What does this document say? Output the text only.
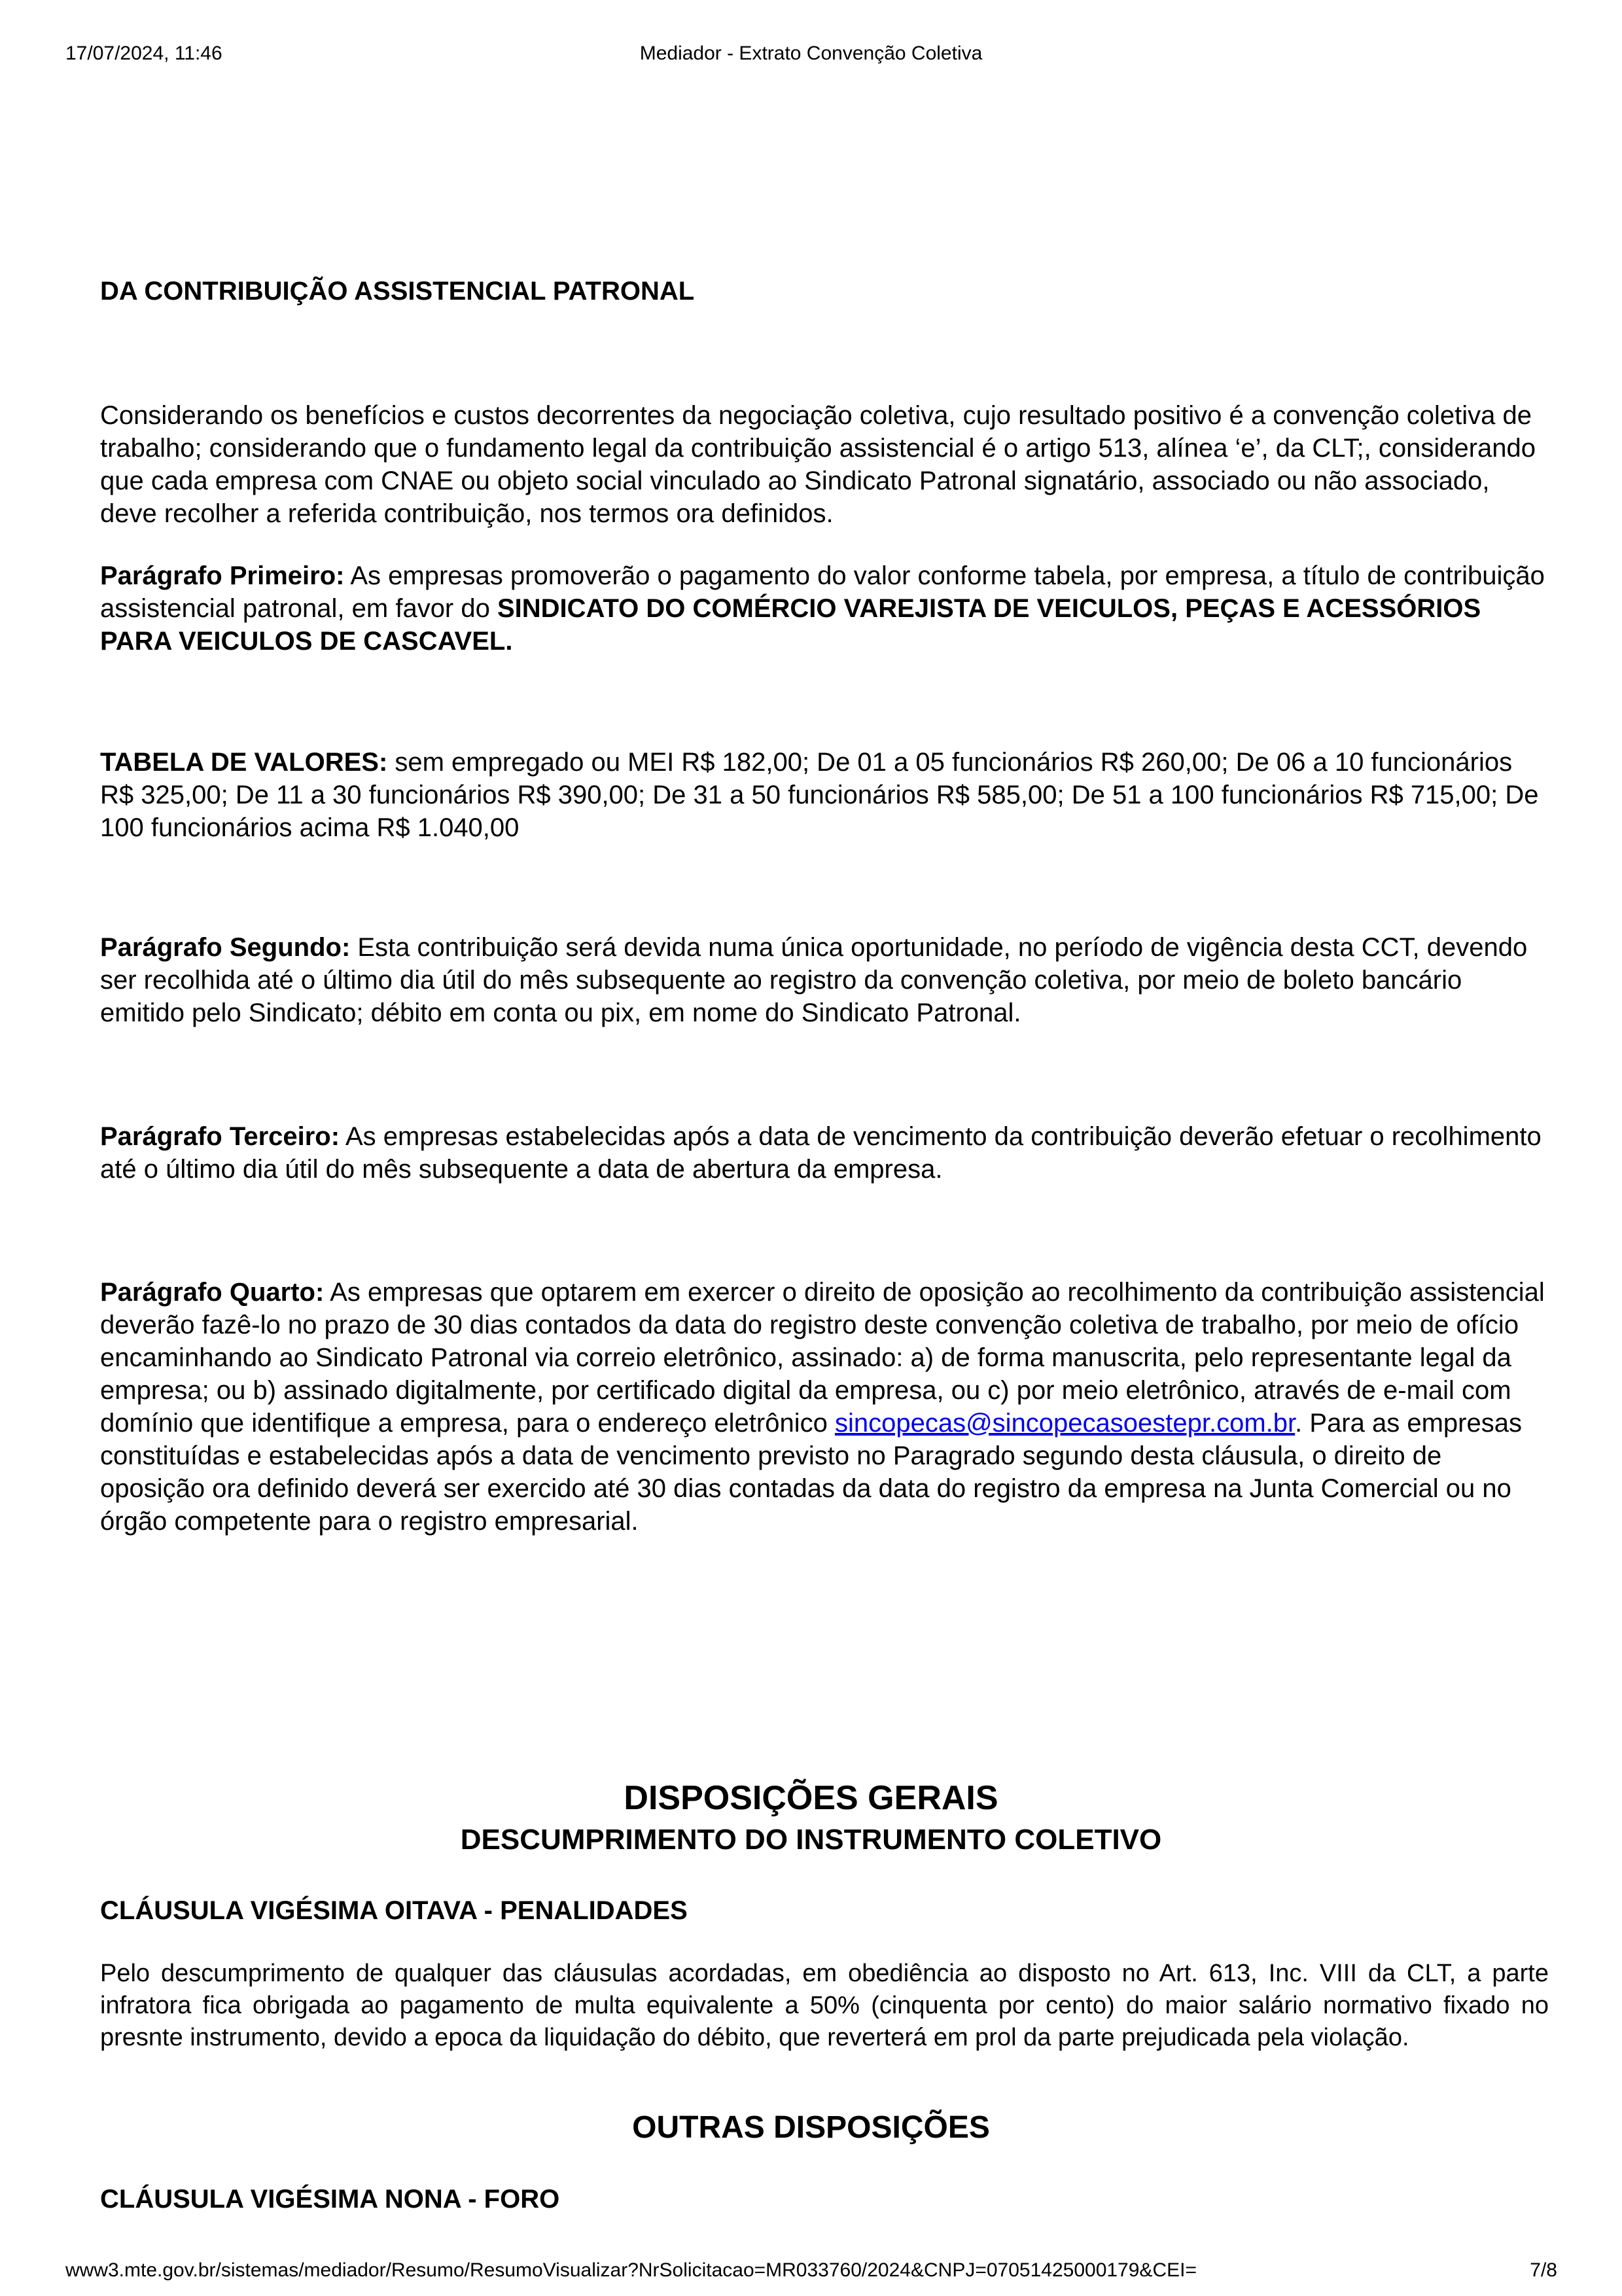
17/07/2024, 11:46	Mediador - Extrato Convenção Coletiva

DA CONTRIBUIÇÃO ASSISTENCIAL PATRONAL

Considerando os benefícios e custos decorrentes da negociação coletiva, cujo resultado positivo é a convenção coletiva de trabalho; considerando que o fundamento legal da contribuição assistencial é o artigo 513, alínea ‘e’, da CLT;, considerando que cada empresa com CNAE ou objeto social vinculado ao Sindicato Patronal signatário, associado ou não associado, deve recolher a referida contribuição, nos termos ora definidos.

Parágrafo Primeiro: As empresas promoverão o pagamento do valor conforme tabela, por empresa, a título de contribuição assistencial patronal, em favor do SINDICATO DO COMÉRCIO VAREJISTA DE VEICULOS, PEÇAS E ACESSÓRIOS PARA VEICULOS DE CASCAVEL.

TABELA DE VALORES: sem empregado ou MEI R$ 182,00; De 01 a 05 funcionários R$ 260,00; De 06 a 10 funcionários R$ 325,00; De 11 a 30 funcionários R$ 390,00; De 31 a 50 funcionários R$ 585,00; De 51 a 100 funcionários R$ 715,00; De 100 funcionários acima R$ 1.040,00

Parágrafo Segundo: Esta contribuição será devida numa única oportunidade, no período de vigência desta CCT, devendo ser recolhida até o último dia útil do mês subsequente ao registro da convenção coletiva, por meio de boleto bancário emitido pelo Sindicato; débito em conta ou pix, em nome do Sindicato Patronal.

Parágrafo Terceiro: As empresas estabelecidas após a data de vencimento da contribuição deverão efetuar o recolhimento até o último dia útil do mês subsequente a data de abertura da empresa.

Parágrafo Quarto: As empresas que optarem em exercer o direito de oposição ao recolhimento da contribuição assistencial deverão fazê-lo no prazo de 30 dias contados da data do registro deste convenção coletiva de trabalho, por meio de ofício encaminhando ao Sindicato Patronal via correio eletrônico, assinado: a) de forma manuscrita, pelo representante legal da empresa; ou b) assinado digitalmente, por certificado digital da empresa, ou c) por meio eletrônico, através de e-mail com domínio que identifique a empresa, para o endereço eletrônico sincopecas@sincopecasoestepr.com.br. Para as empresas constituídas e estabelecidas após a data de vencimento previsto no Paragrado segundo desta cláusula, o direito de oposição ora definido deverá ser exercido até 30 dias contadas da data do registro da empresa na Junta Comercial ou no órgão competente para o registro empresarial.

DISPOSIÇÕES GERAIS
DESCUMPRIMENTO DO INSTRUMENTO COLETIVO

CLÁUSULA VIGÉSIMA OITAVA - PENALIDADES

Pelo descumprimento de qualquer das cláusulas acordadas, em obediência ao disposto no Art. 613, Inc. VIII da CLT, a parte infratora fica obrigada ao pagamento de multa equivalente a 50% (cinquenta por cento) do maior salário normativo fixado no presnte instrumento, devido a epoca da liquidação do débito, que reverterá em prol da parte prejudicada pela violação.

OUTRAS DISPOSIÇÕES

CLÁUSULA VIGÉSIMA NONA - FORO

www3.mte.gov.br/sistemas/mediador/Resumo/ResumoVisualizar?NrSolicitacao=MR033760/2024&CNPJ=07051425000179&CEI=	7/8
